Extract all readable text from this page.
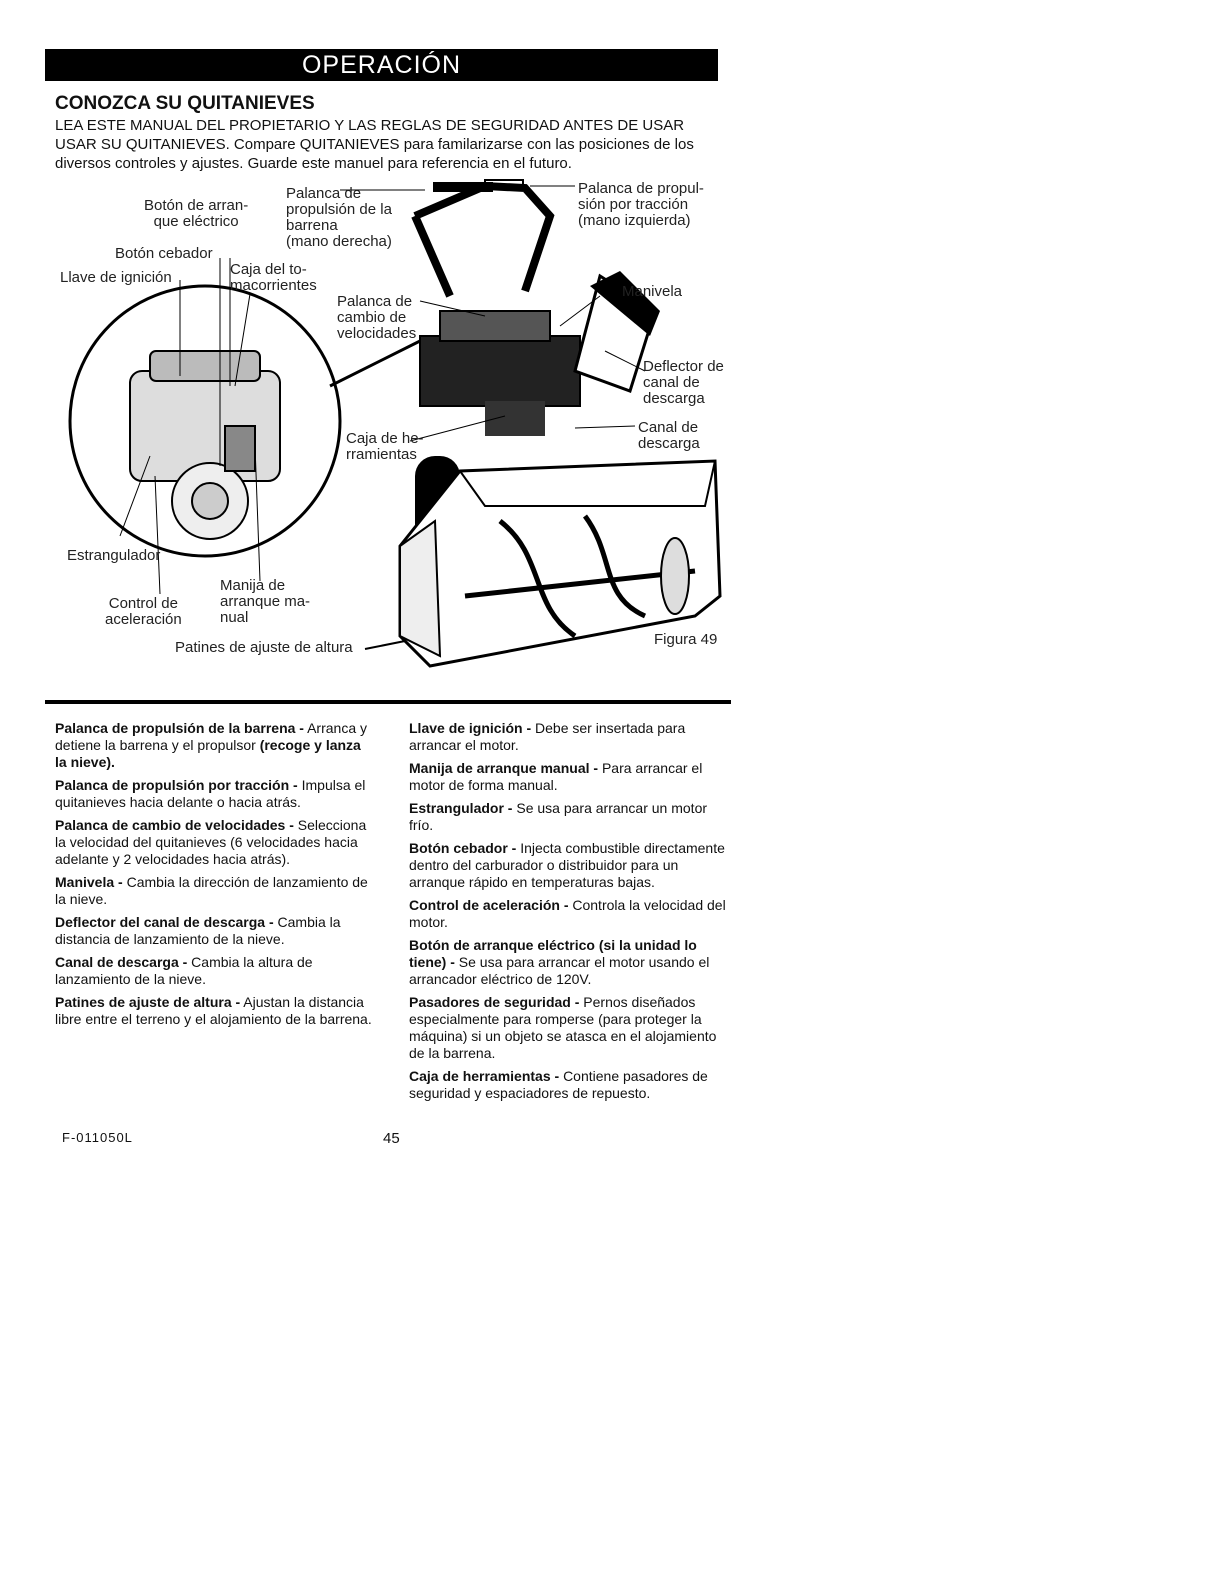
OPERACIÓN
CONOZCA SU QUITANIEVES
LEA ESTE MANUAL DEL PROPIETARIO Y LAS REGLAS DE SEGURIDAD ANTES DE USAR USAR SU QUITANIEVES. Compare QUITANIEVES para familarizarse con las posiciones de los diversos controles y ajustes. Guarde este manuel para referencia en el futuro.
Botón de arran-
que eléctrico
Palanca de
propulsión de la
barrena
(mano derecha)
Palanca de propul-
sión por tracción
(mano izquierda)
Botón cebador
Llave de ignición	Caja del to-
macorrientes
Palanca de
cambio de
velocidades
Manivela
Deflector de
canal de
descarga
Canal de
descarga
Caja de he-
rramientas
Estrangulador
Manija de
arranque ma-
nual
Control de
aceleración
Patines de ajuste de altura	Figura 49

Palanca de propulsión de la barrena - Arranca y detiene la barrena y el propulsor (recoge y lanza la nieve).

Palanca de propulsión por tracción - Impulsa el quitanieves hacia delante o hacia atrás.

Palanca de cambio de velocidades - Selecciona la velocidad del quitanieves (6 velocidades hacia adelante y 2 velocidades hacia atrás).

Manivela - Cambia la dirección de lanzamiento de la nieve.

Deflector del canal de descarga - Cambia la distancia de lanzamiento de la nieve.

Canal de descarga - Cambia la altura de lanzamiento de la nieve.

Patines de ajuste de altura - Ajustan la distancia libre entre el terreno y el alojamiento de la barrena.

Llave de ignición - Debe ser insertada para arrancar el motor.

Manija de arranque manual - Para arrancar el motor de forma manual.

Estrangulador - Se usa para arrancar un motor frío.

Botón cebador - Injecta combustible directamente dentro del carburador o distribuidor para un arranque rápido en temperaturas bajas.

Control de aceleración - Controla la velocidad del motor.

Botón de arranque eléctrico (si la unidad lo tiene) - Se usa para arrancar el motor usando el arrancador eléctrico de 120V.

Pasadores de seguridad - Pernos diseñados especialmente para romperse (para proteger la máquina) si un objeto se atasca en el alojamiento de la barrena.

Caja de herramientas - Contiene pasadores de seguridad y espaciadores de repuesto.

F-011050L	45
